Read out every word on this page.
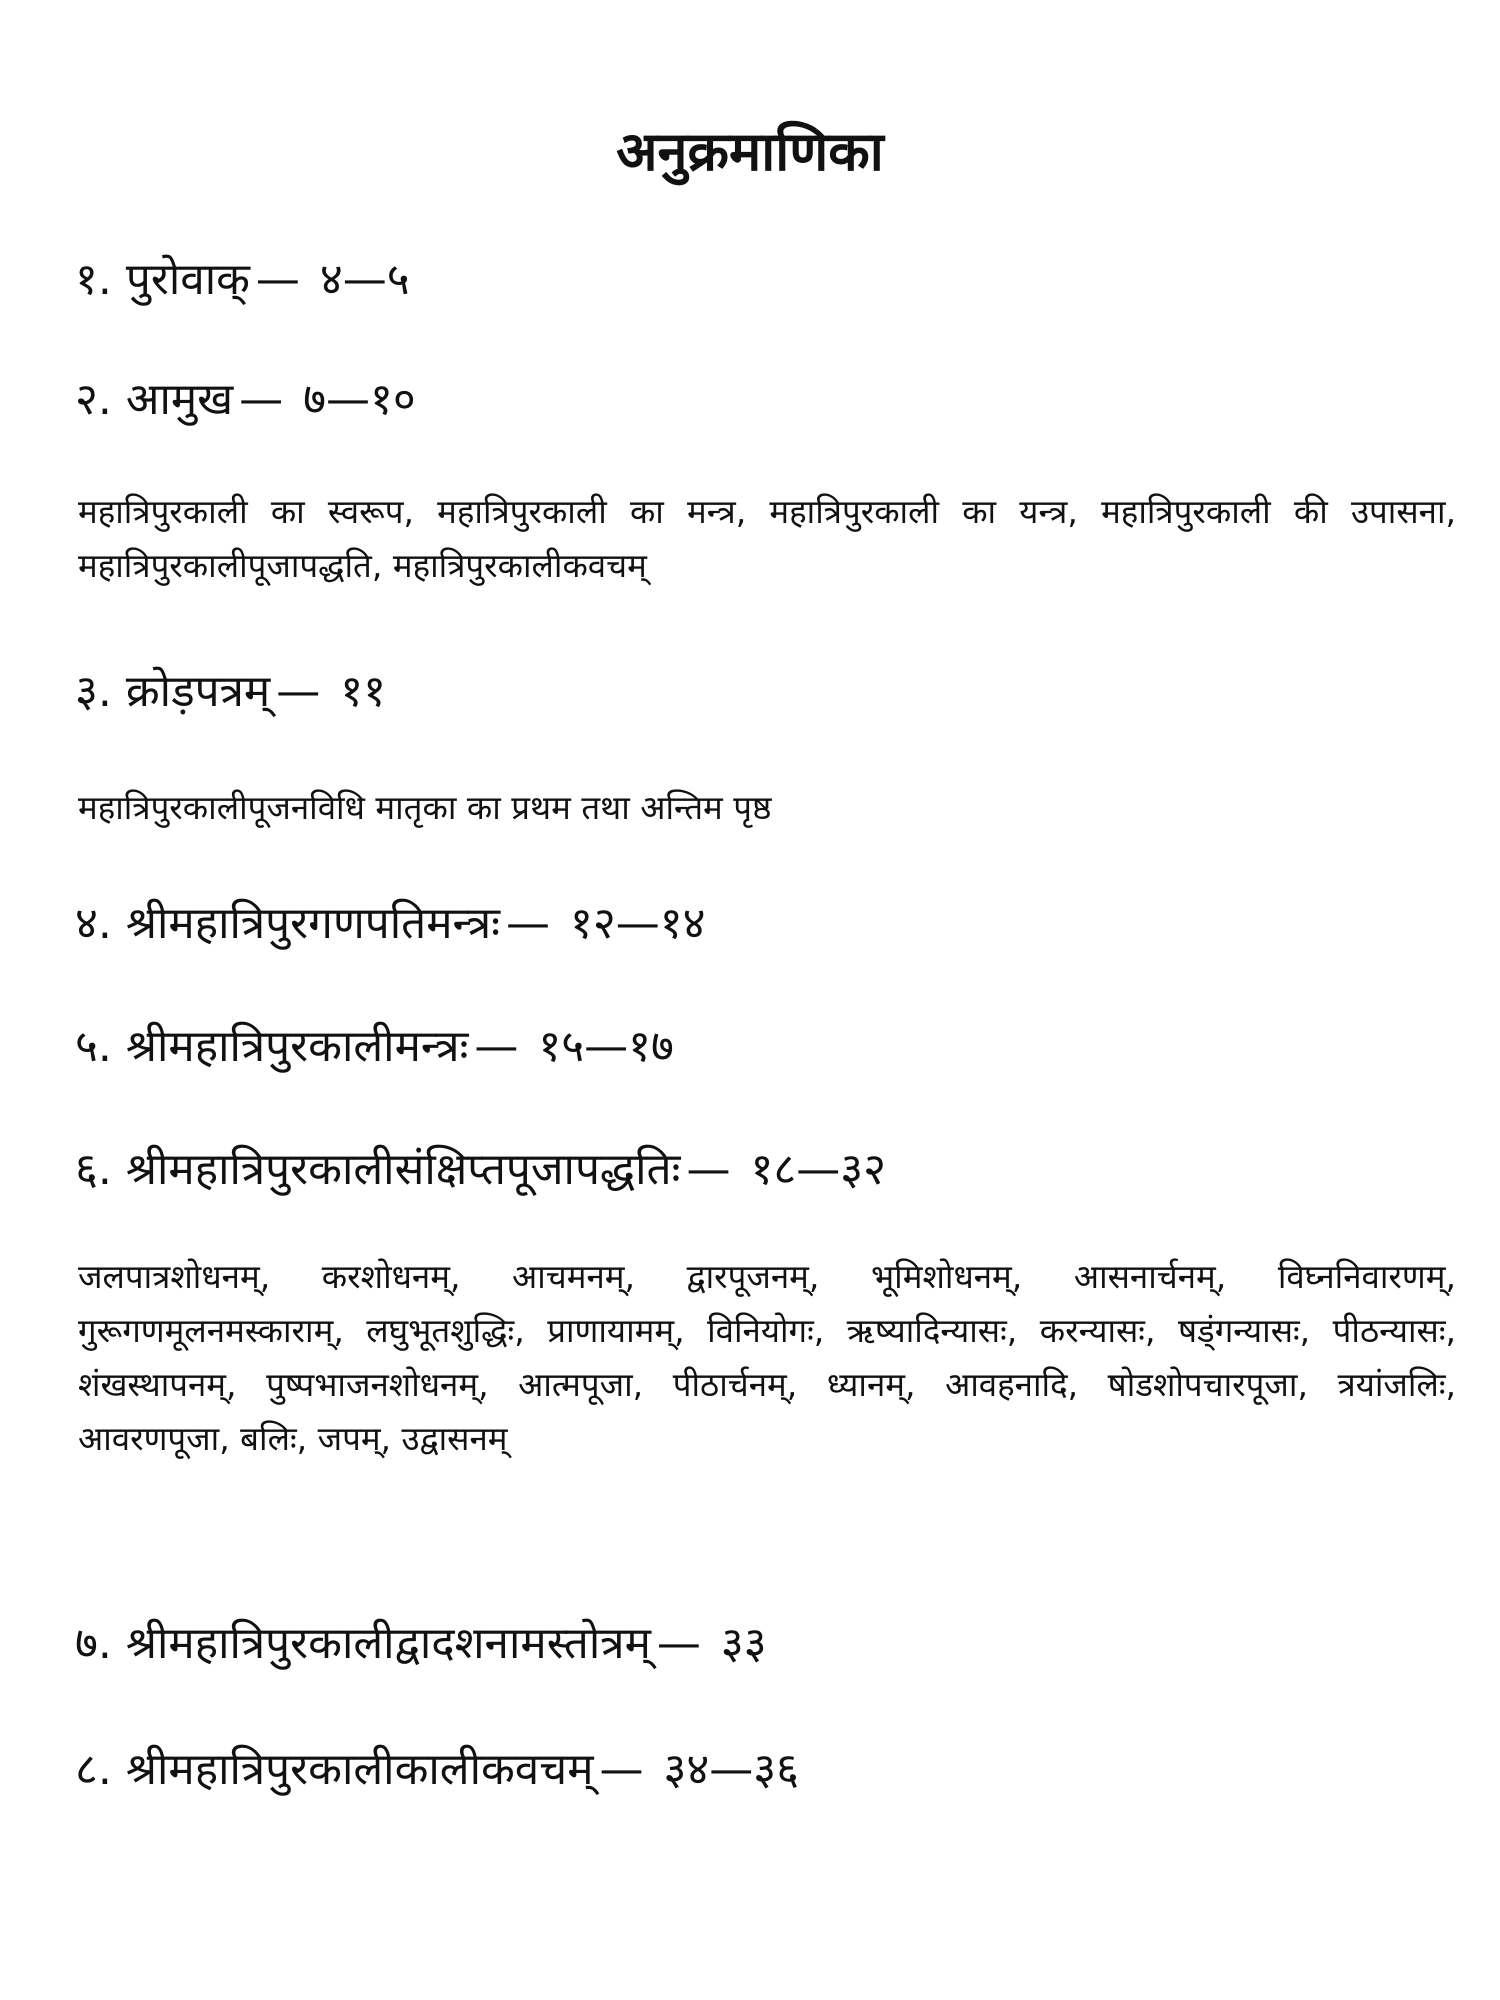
अनुक्रमाणिका
१. पुरोवाक् — ४—५
२. आमुख — ७—१०
महात्रिपुरकाली का स्वरूप, महात्रिपुरकाली का मन्त्र, महात्रिपुरकाली का यन्त्र, महात्रिपुरकाली की उपासना, महात्रिपुरकालीपूजापद्धति, महात्रिपुरकालीकवचम्
३. क्रोड़पत्रम् — ११
महात्रिपुरकालीपूजनविधि मातृका का प्रथम तथा अन्तिम पृष्ठ
४. श्रीमहात्रिपुरगणपतिमन्त्रः — १२—१४
५. श्रीमहात्रिपुरकालीमन्त्रः — १५—१७
६. श्रीमहात्रिपुरकालीसंक्षिप्तपूजापद्धतिः — १८—३२
जलपात्रशोधनम्, करशोधनम्, आचमनम्, द्वारपूजनम्, भूमिशोधनम्, आसनार्चनम्, विघ्ननिवारणम्, गुरूगणमूलनमस्काराम्, लघुभूतशुद्धिः, प्राणायामम्, विनियोगः, ऋष्यादिन्यासः, करन्यासः, षड्ंगन्यासः, पीठन्यासः, शंखस्थापनम्, पुष्पभाजनशोधनम्, आत्मपूजा, पीठार्चनम्, ध्यानम्, आवहनादि, षोडशोपचारपूजा, त्रयांजलिः, आवरणपूजा, बलिः, जपम्, उद्वासनम्
७. श्रीमहात्रिपुरकालीद्वादशनामस्तोत्रम् — ३३
८. श्रीमहात्रिपुरकालीकालीकवचम् — ३४—३६
